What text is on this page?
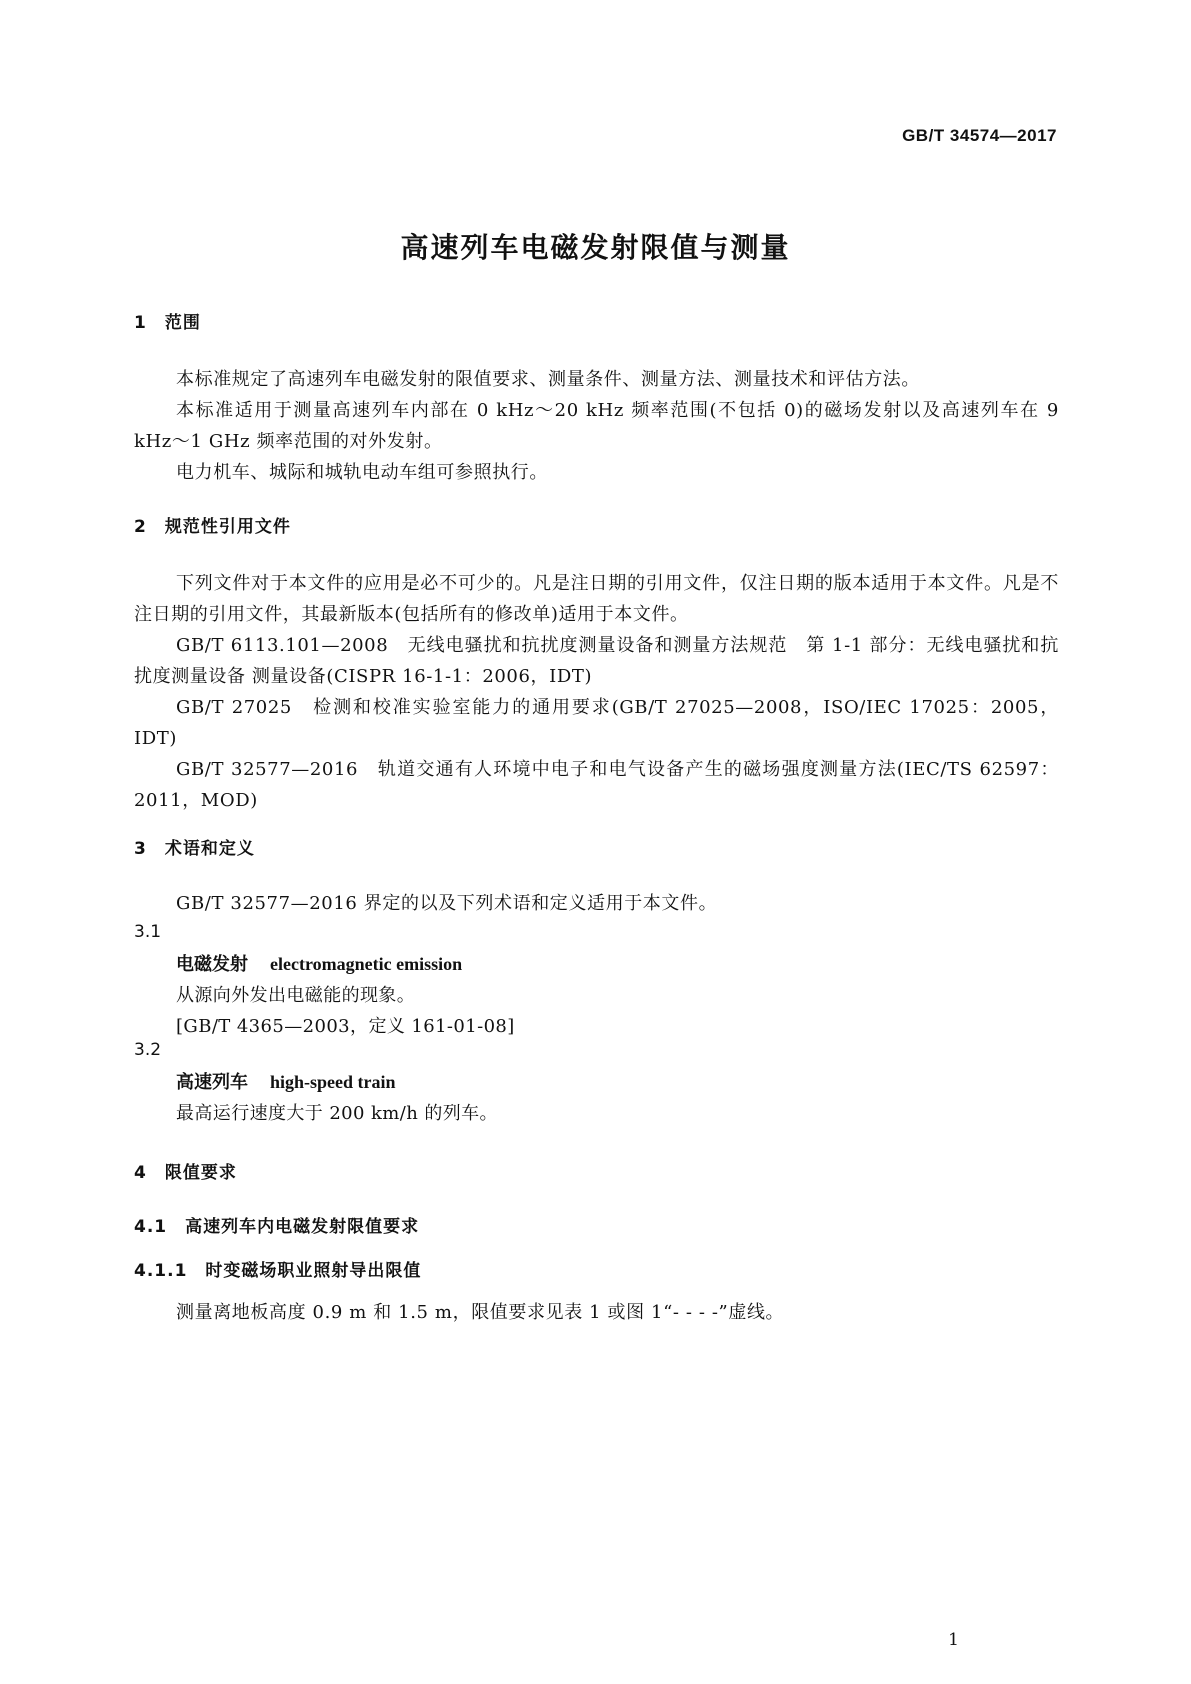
GB/T 34574—2017
高速列车电磁发射限值与测量
1 范围
本标准规定了高速列车电磁发射的限值要求、测量条件、测量方法、测量技术和评估方法。
本标准适用于测量高速列车内部在 0 kHz～20 kHz 频率范围(不包括 0)的磁场发射以及高速列车在 9 kHz～1 GHz 频率范围的对外发射。
电力机车、城际和城轨电动车组可参照执行。
2 规范性引用文件
下列文件对于本文件的应用是必不可少的。凡是注日期的引用文件，仅注日期的版本适用于本文件。凡是不注日期的引用文件，其最新版本(包括所有的修改单)适用于本文件。
GB/T 6113.101—2008　无线电骚扰和抗扰度测量设备和测量方法规范　第 1-1 部分：无线电骚扰和抗扰度测量设备 测量设备(CISPR 16-1-1：2006，IDT)
GB/T 27025　检测和校准实验室能力的通用要求(GB/T 27025—2008，ISO/IEC 17025：2005，IDT)
GB/T 32577—2016　轨道交通有人环境中电子和电气设备产生的磁场强度测量方法(IEC/TS 62597：2011，MOD)
3 术语和定义
GB/T 32577—2016 界定的以及下列术语和定义适用于本文件。
3.1
电磁发射 electromagnetic emission
从源向外发出电磁能的现象。
[GB/T 4365—2003，定义 161-01-08]
3.2
高速列车 high-speed train
最高运行速度大于 200 km/h 的列车。
4 限值要求
4.1 高速列车内电磁发射限值要求
4.1.1 时变磁场职业照射导出限值
测量离地板高度 0.9 m 和 1.5 m，限值要求见表 1 或图 1“- - - -”虚线。
1
